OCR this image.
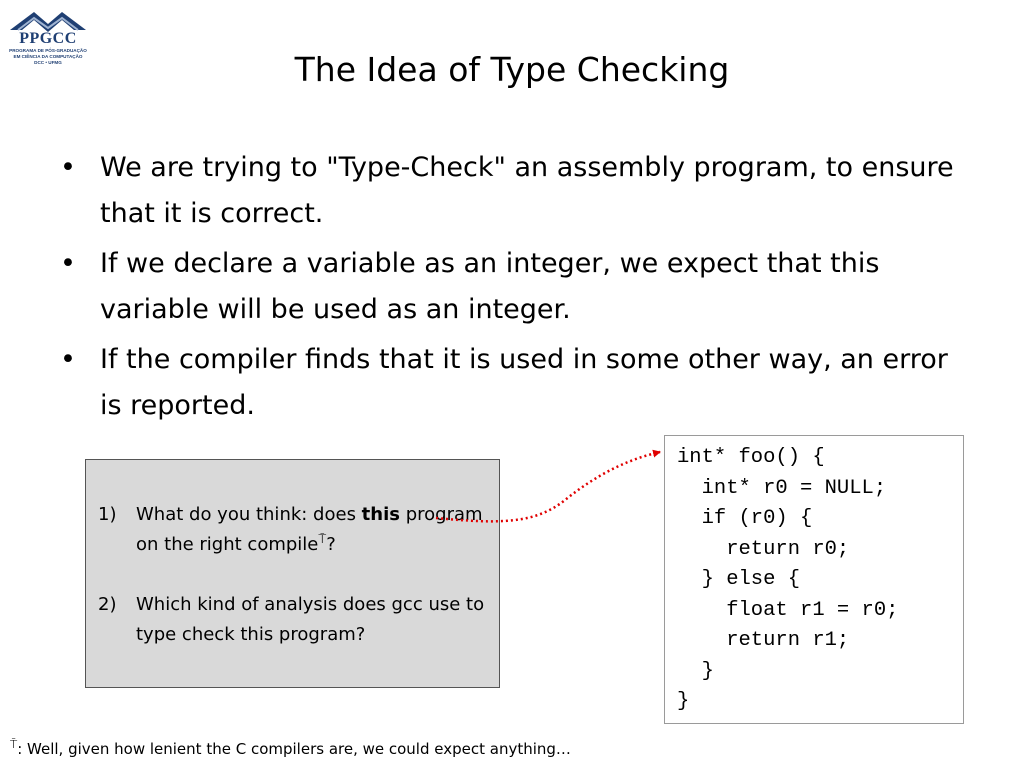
PPGCC
PROGRAMA DE PÓS-GRADUAÇÃO
EM CIÊNCIA DA COMPUTAÇÃO
DCC • UFMG	The Idea of Type Checking
• We are trying to "Type-Check" an assembly program, to ensure that it is correct.
• If we declare a variable as an integer, we expect that this variable will be used as an integer.
• If the compiler finds that it is used in some other way, an error is reported.
1) What do you think: does this program on the right compile⍑?
2) Which kind of analysis does gcc use to type check this program?
int* foo() {
int* r0 = NULL;
if (r0) {
return r0;
} else {
float r1 = r0;
return r1;
}
}
⍑: Well, given how lenient the C compilers are, we could expect anything…
